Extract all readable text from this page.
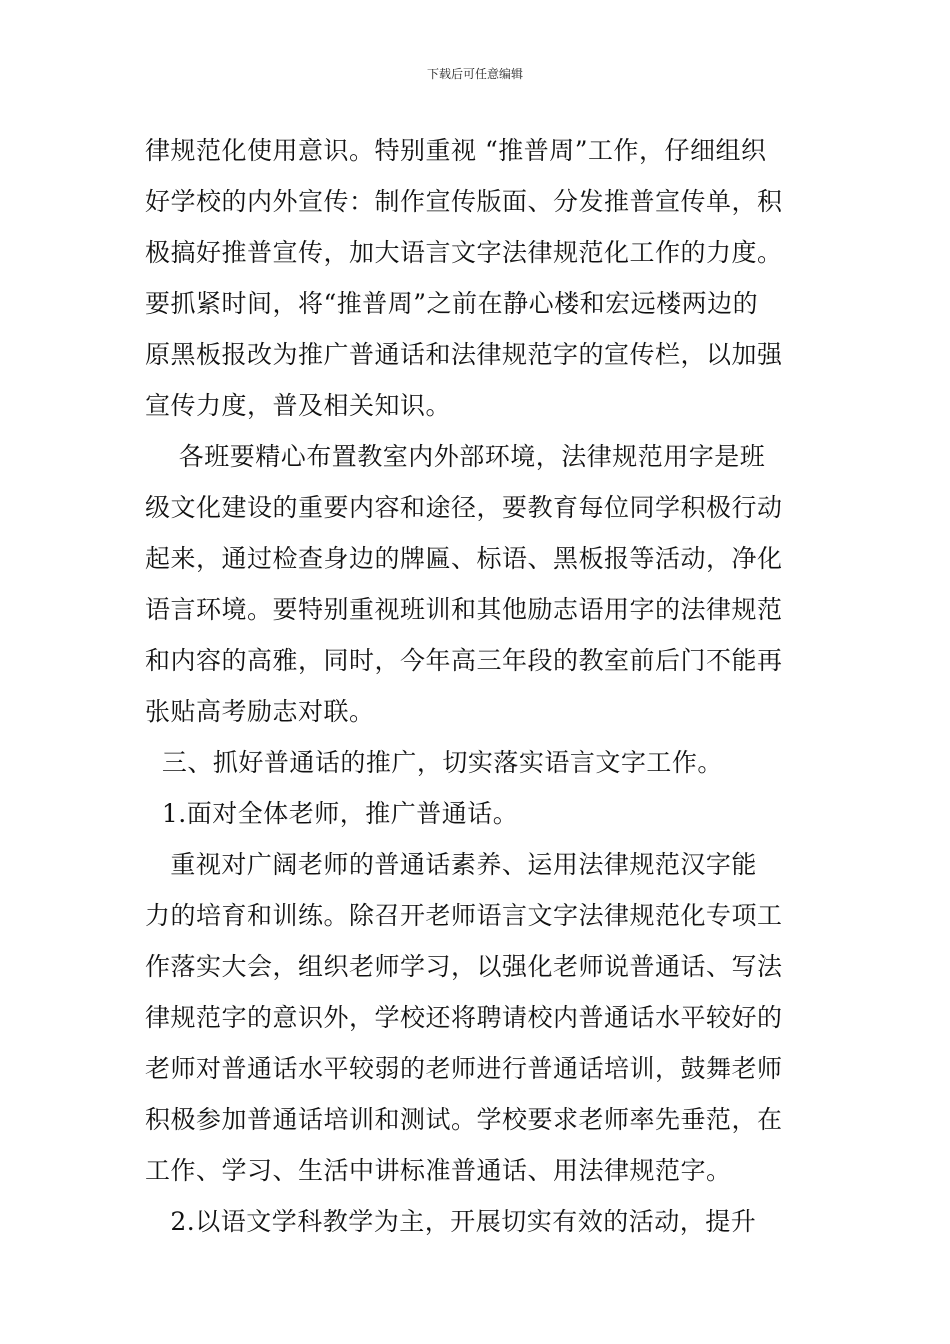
下载后可任意编辑
律规范化使用意识。特别重视 “推普周”工作，仔细组织
好学校的内外宣传：制作宣传版面、分发推普宣传单，积
极搞好推普宣传，加大语言文字法律规范化工作的力度。
要抓紧时间，将“推普周”之前在静心楼和宏远楼两边的
原黑板报改为推广普通话和法律规范字的宣传栏，以加强
宣传力度，普及相关知识。
各班要精心布置教室内外部环境，法律规范用字是班
级文化建设的重要内容和途径，要教育每位同学积极行动
起来，通过检查身边的牌匾、标语、黑板报等活动，净化
语言环境。要特别重视班训和其他励志语用字的法律规范
和内容的高雅，同时，今年高三年段的教室前后门不能再
张贴高考励志对联。
三、抓好普通话的推广，切实落实语言文字工作。
1.面对全体老师，推广普通话。
重视对广阔老师的普通话素养、运用法律规范汉字能
力的培育和训练。除召开老师语言文字法律规范化专项工
作落实大会，组织老师学习，以强化老师说普通话、写法
律规范字的意识外，学校还将聘请校内普通话水平较好的
老师对普通话水平较弱的老师进行普通话培训，鼓舞老师
积极参加普通话培训和测试。学校要求老师率先垂范，在
工作、学习、生活中讲标准普通话、用法律规范字。
2.以语文学科教学为主，开展切实有效的活动，提升
